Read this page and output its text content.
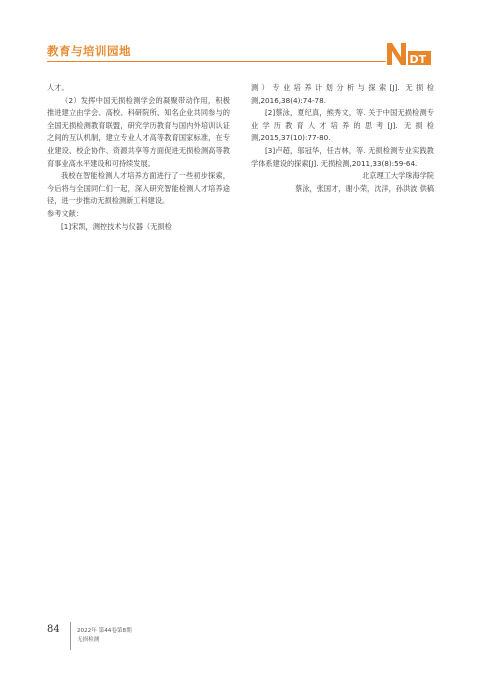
教育与培训园地
DT

人才。

（2）发挥中国无损检测学会的凝聚带动作用，积极推进建立由学会、高校、科研院所、知名企业共同参与的全国无损检测教育联盟，研究学历教育与国内外培训认证之间的互认机制，建立专业人才高等教育国家标准，在专业建设、校企协作、资源共享等方面促进无损检测高等教育事业高水平建设和可持续发展。

我校在智能检测人才培养方面进行了一些初步探索，今后将与全国同仁们一起，深入研究智能检测人才培养途径，进一步推动无损检测新工科建设。

参考文献：

[1]宋凯，测控技术与仪器（无损检

测）专业培养计划分析与探索[J]. 无损检测,2016,38(4):74-78.

[2]蔡泳，夏纪真，熊秀文，等. 关于中国无损检测专业学历教育人才培养的思考[J]. 无损检测,2015,37(10):77-80.

[3]卢超，邬冠华，任吉林，等. 无损检测专业实践教学体系建设的探索[J]. 无损检测,2011,33(8):59-64.

北京理工大学珠海学院

蔡泳，张国才，谢小荣，沈洋，孙洪波 供稿

84	2022年 第44卷第8期
无损检测
